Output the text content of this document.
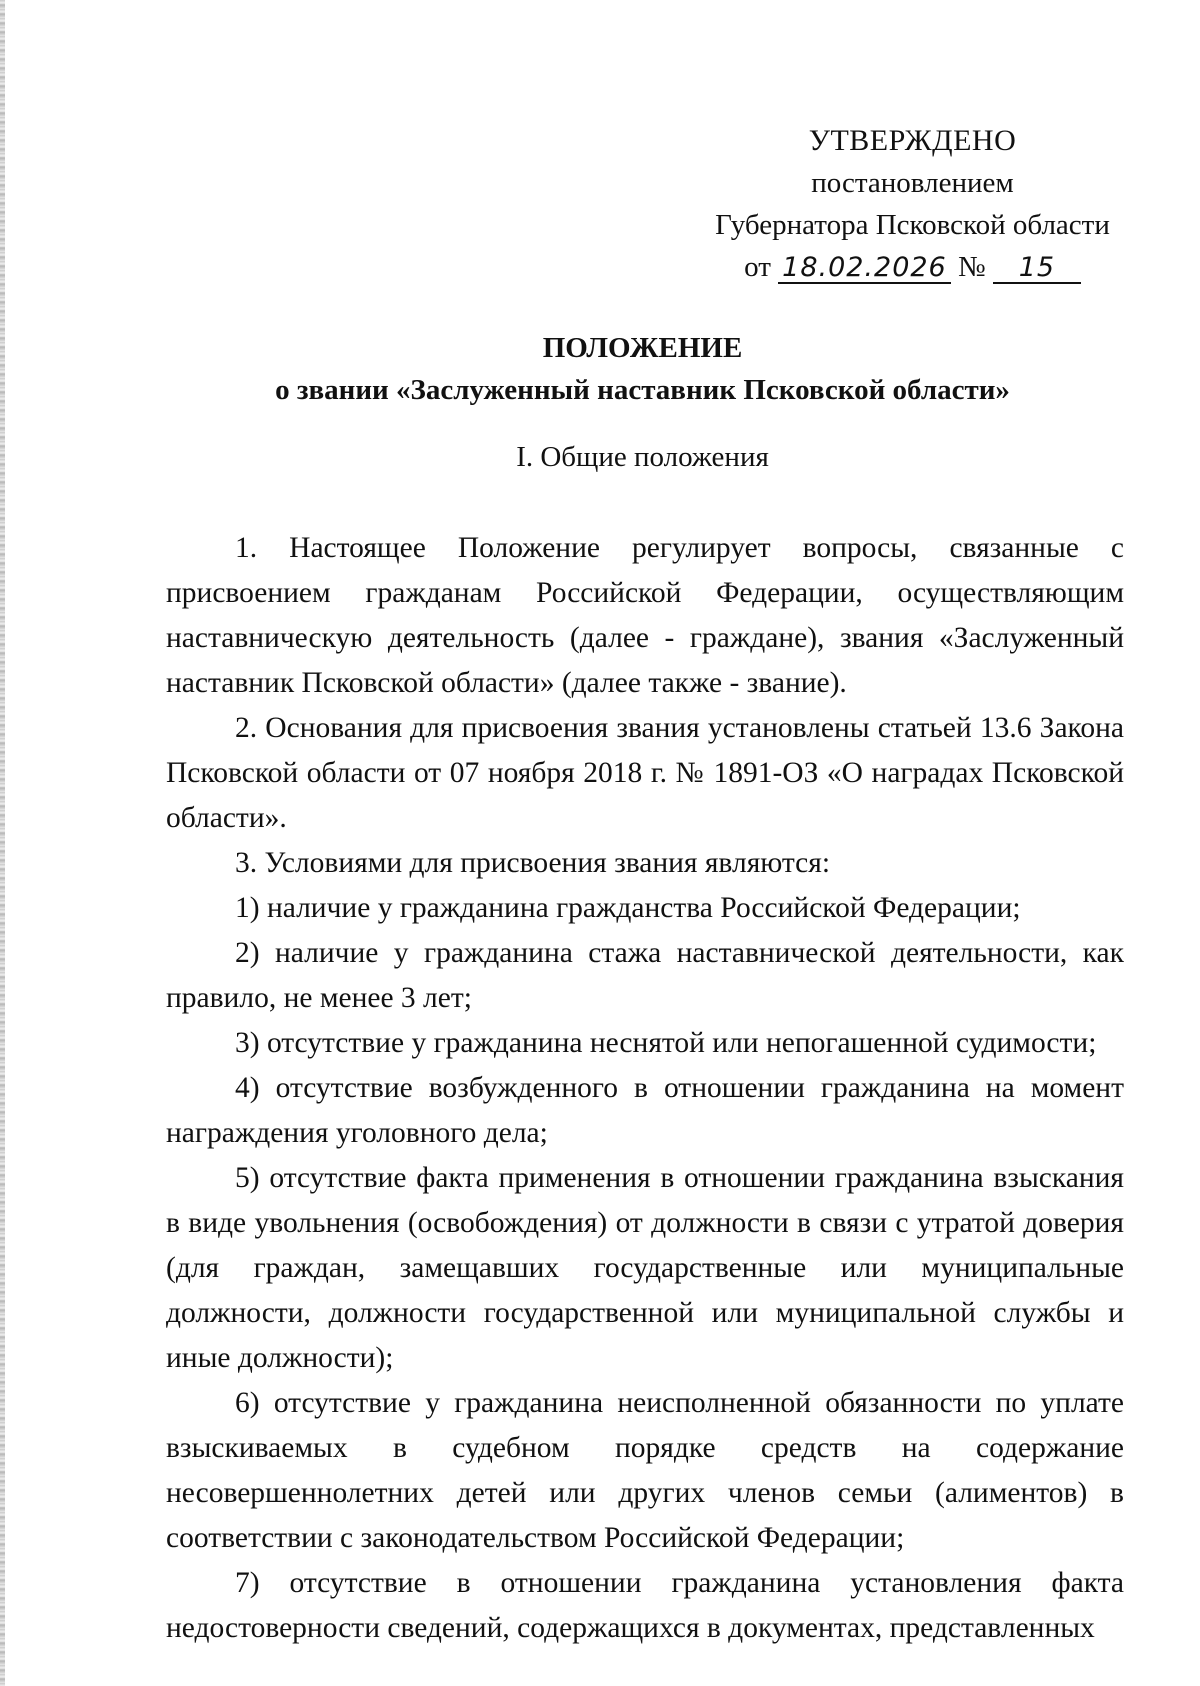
УТВЕРЖДЕНО
постановлением
Губернатора Псковской области
от 18.02.2026 № 15
ПОЛОЖЕНИЕ
о звании «Заслуженный наставник Псковской области»
I. Общие положения

1. Настоящее Положение регулирует вопросы, связанные с присвоением гражданам Российской Федерации, осуществляющим наставническую деятельность (далее - граждане), звания «Заслуженный наставник Псковской области» (далее также - звание).

2. Основания для присвоения звания установлены статьей 13.6 Закона Псковской области от 07 ноября 2018 г. № 1891-ОЗ «О наградах Псковской области».

3. Условиями для присвоения звания являются:

1) наличие у гражданина гражданства Российской Федерации;

2) наличие у гражданина стажа наставнической деятельности, как правило, не менее 3 лет;

3) отсутствие у гражданина неснятой или непогашенной судимости;

4) отсутствие возбужденного в отношении гражданина на момент награждения уголовного дела;

5) отсутствие факта применения в отношении гражданина взыскания в виде увольнения (освобождения) от должности в связи с утратой доверия (для граждан, замещавших государственные или муниципальные должности, должности государственной или муниципальной службы и иные должности);

6) отсутствие у гражданина неисполненной обязанности по уплате взыскиваемых в судебном порядке средств на содержание несовершеннолетних детей или других членов семьи (алиментов) в соответствии с законодательством Российской Федерации;

7) отсутствие в отношении гражданина установления факта недостоверности сведений, содержащихся в документах, представленных
